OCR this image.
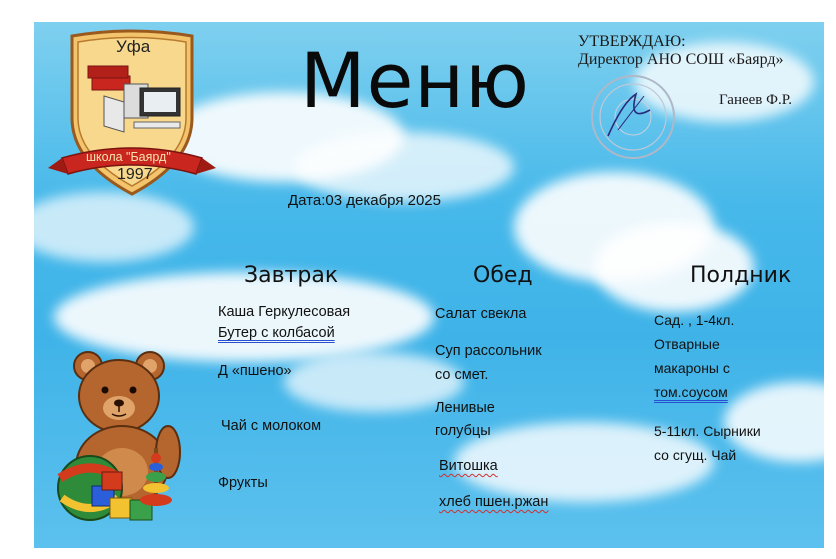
Уфа
школа "Баярд"
1997
Меню	УТВЕРЖДАЮ:
Директор АНО СОШ «Баярд»
Ганеев Ф.Р.
Дата:03 декабря 2025
Завтрак	Обед	Полдник
Каша Геркулесовая
Бутер с колбасой
Д «пшено»
Чай с молоком
Фрукты
Салат свекла
Суп рассольник
со смет.
Ленивые
голубцы
Витошка
хлеб пшен.ржан
Сад. , 1-4кл.
Отварные
макароны с
том.соусом
5-11кл. Сырники
со сгущ. Чай
